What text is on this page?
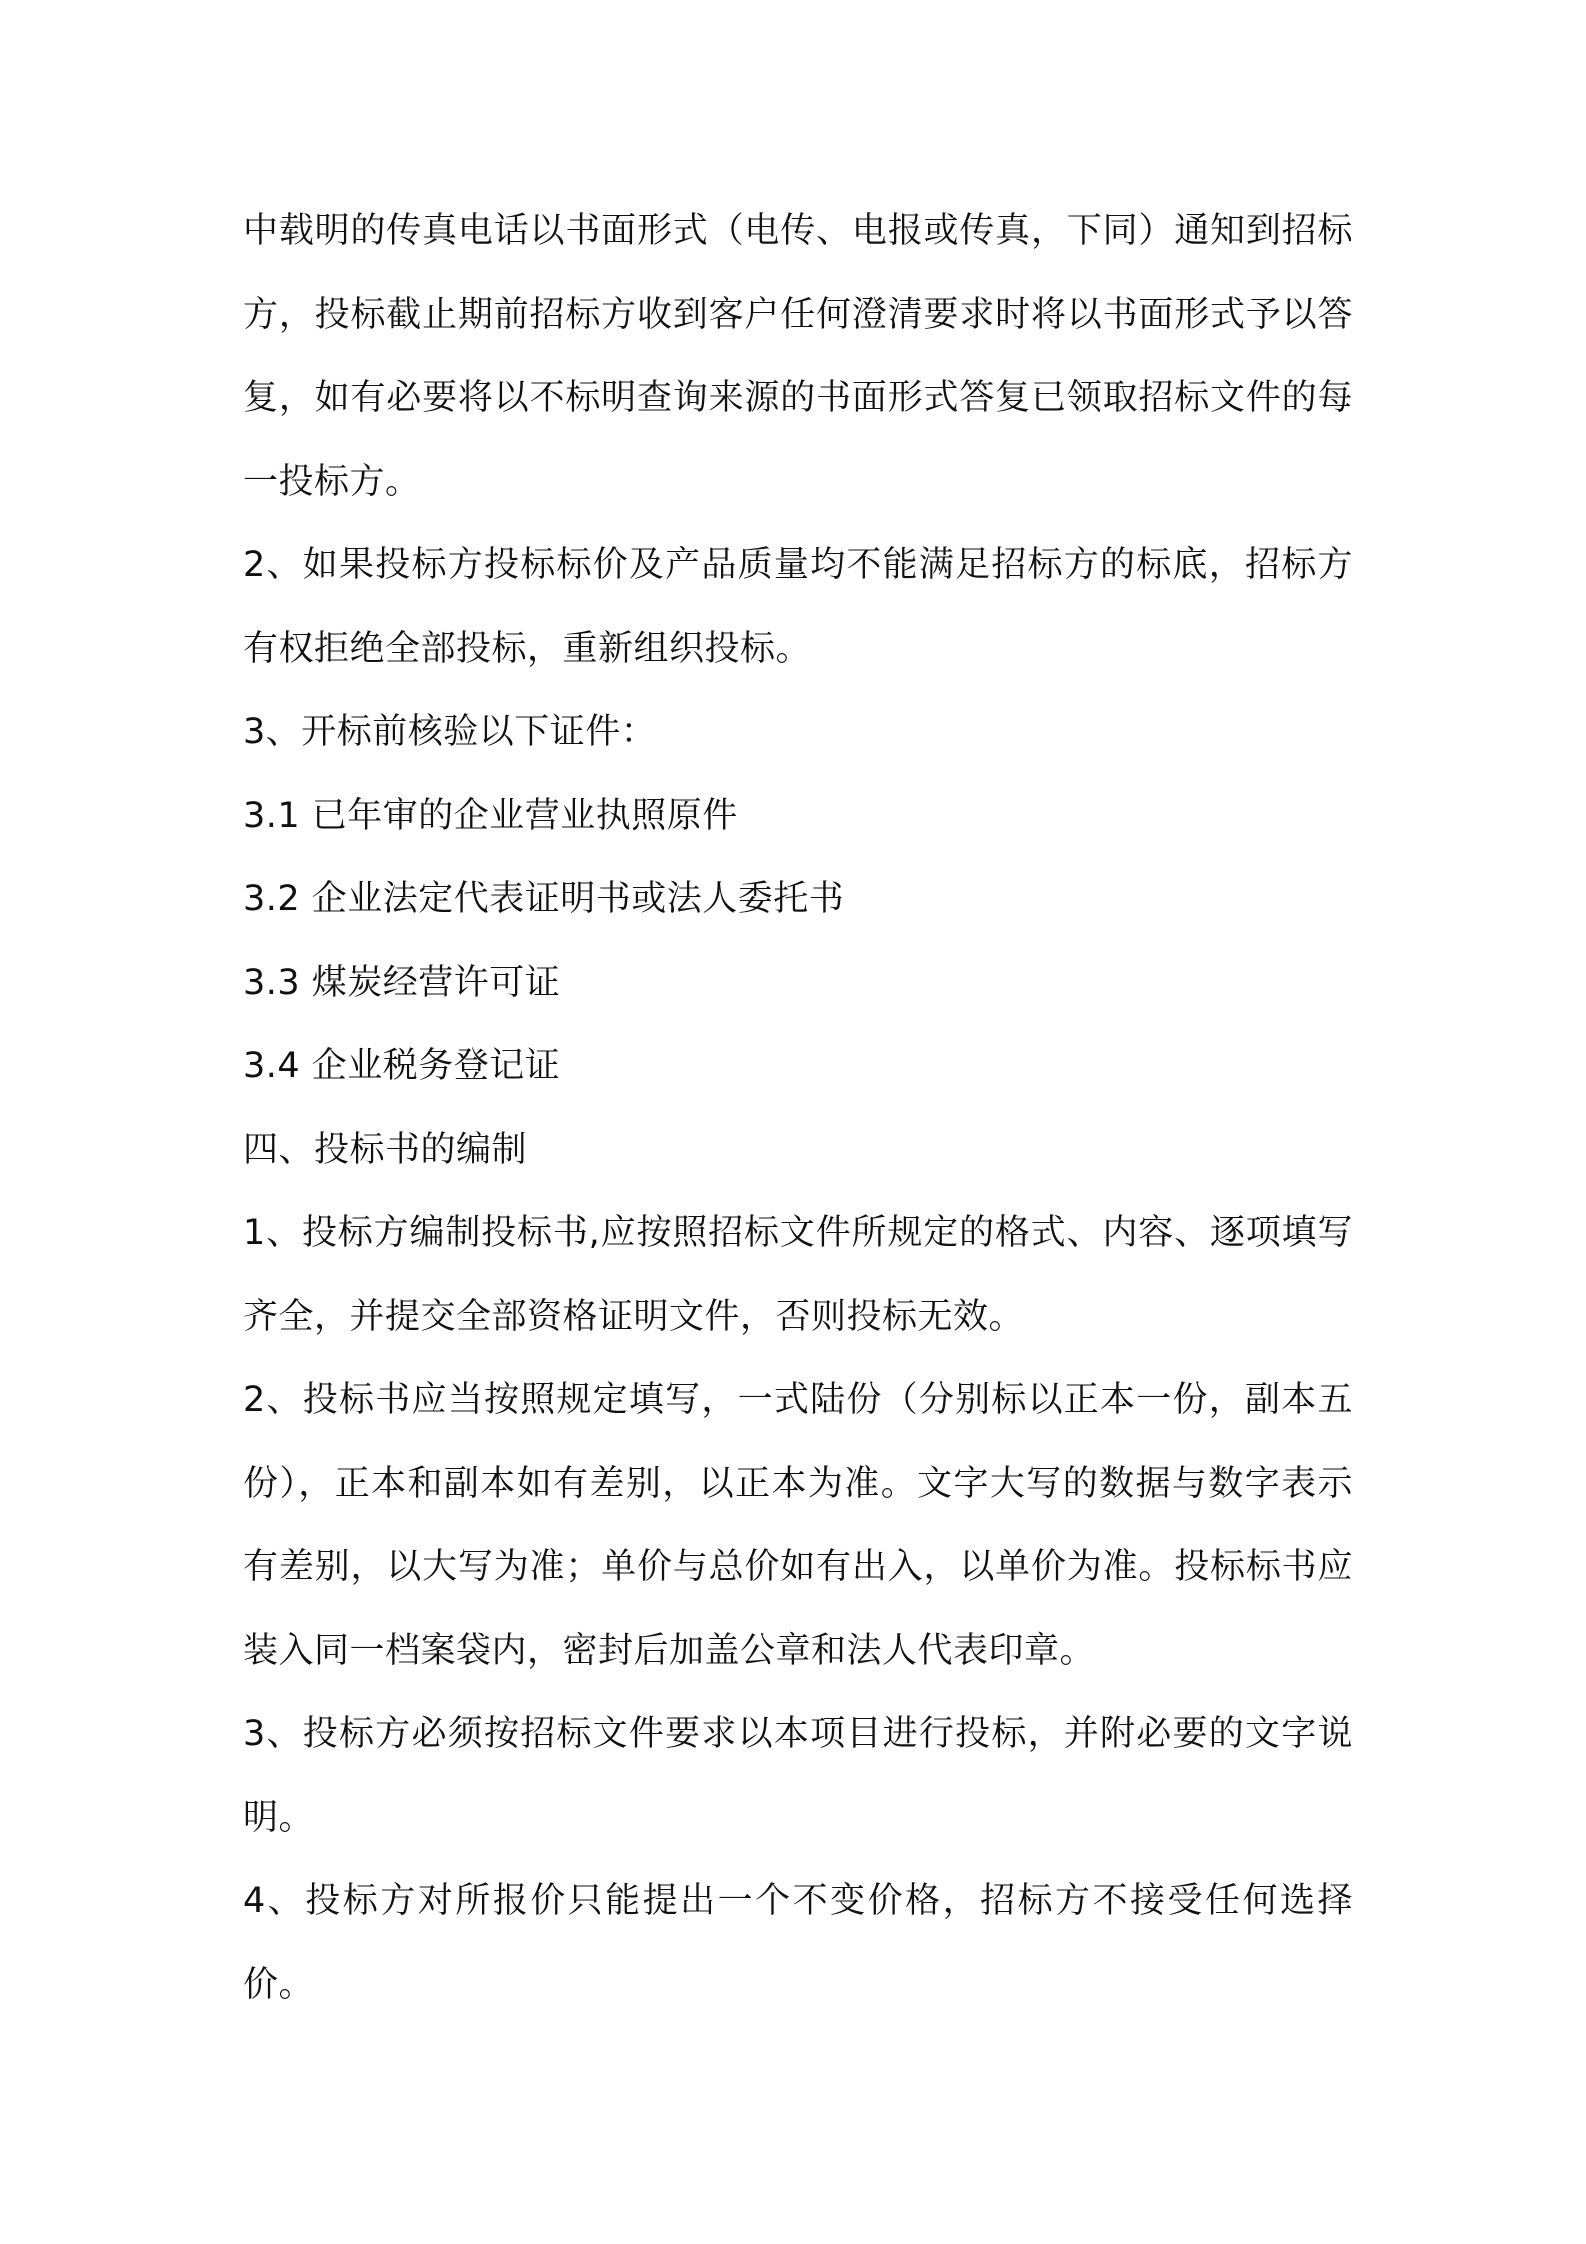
中载明的传真电话以书面形式（电传、电报或传真，下同）通知到招标方，投标截止期前招标方收到客户任何澄清要求时将以书面形式予以答复，如有必要将以不标明查询来源的书面形式答复已领取招标文件的每一投标方。

2、如果投标方投标标价及产品质量均不能满足招标方的标底，招标方有权拒绝全部投标，重新组织投标。

3、开标前核验以下证件：

3.1 已年审的企业营业执照原件

3.2 企业法定代表证明书或法人委托书

3.3 煤炭经营许可证

3.4 企业税务登记证

四、投标书的编制

1、投标方编制投标书,应按照招标文件所规定的格式、内容、逐项填写齐全，并提交全部资格证明文件，否则投标无效。

2、投标书应当按照规定填写，一式陆份（分别标以正本一份，副本五份），正本和副本如有差别，以正本为准。文字大写的数据与数字表示有差别，以大写为准；单价与总价如有出入，以单价为准。投标标书应装入同一档案袋内，密封后加盖公章和法人代表印章。

3、投标方必须按招标文件要求以本项目进行投标，并附必要的文字说明。

4、投标方对所报价只能提出一个不变价格，招标方不接受任何选择价。
